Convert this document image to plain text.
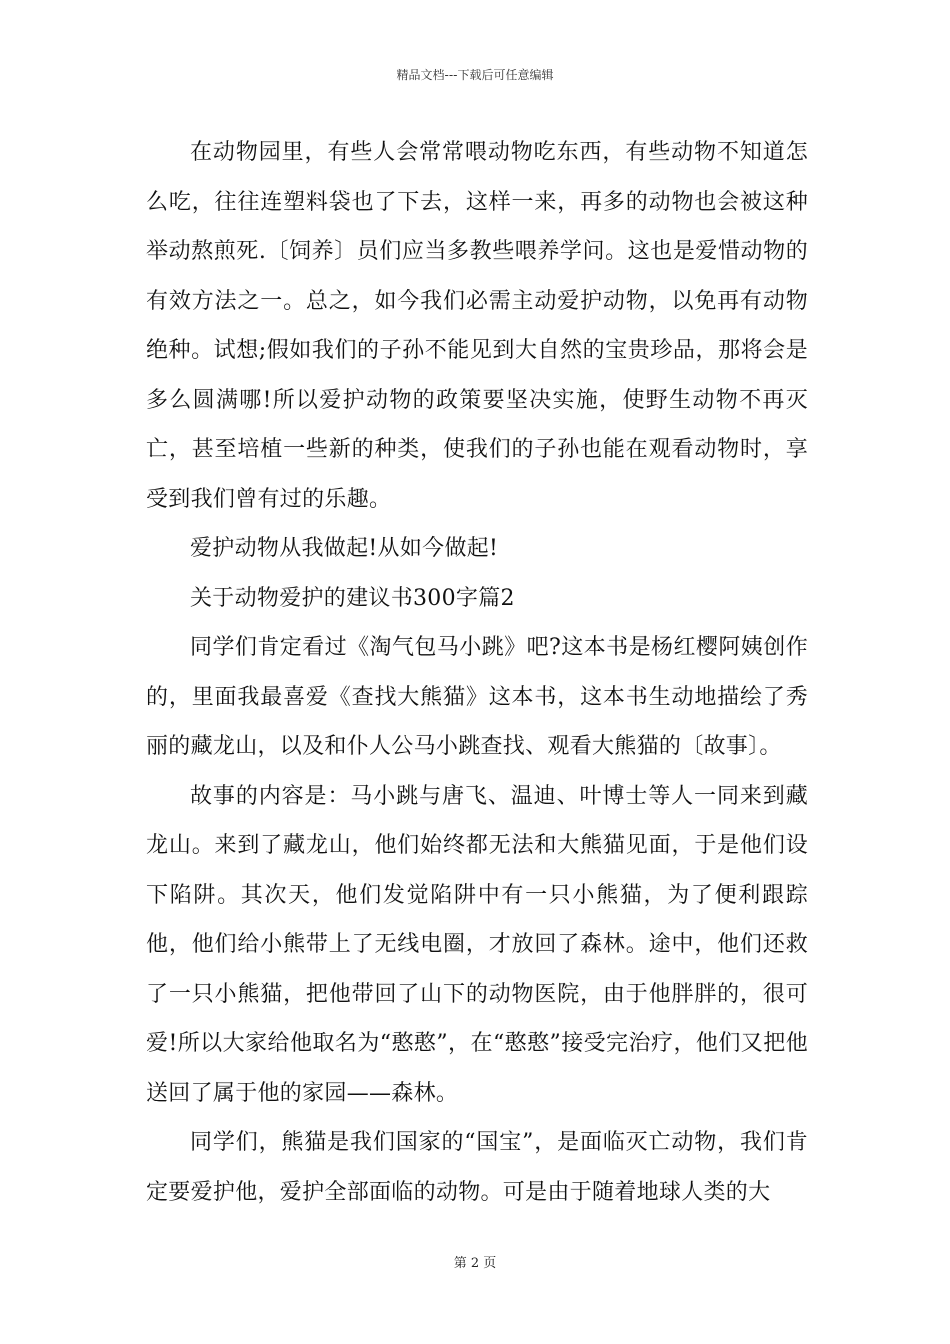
精品文档---下载后可任意编辑

在动物园里，有些人会常常喂动物吃东西，有些动物不知道怎么吃，往往连塑料袋也了下去，这样一来，再多的动物也会被这种举动熬煎死.〔饲养〕员们应当多教些喂养学问。这也是爱惜动物的有效方法之一。总之，如今我们必需主动爱护动物，以免再有动物绝种。试想;假如我们的子孙不能见到大自然的宝贵珍品，那将会是多么圆满哪!所以爱护动物的政策要坚决实施，使野生动物不再灭亡，甚至培植一些新的种类，使我们的子孙也能在观看动物时，享受到我们曾有过的乐趣。

爱护动物从我做起!从如今做起!

关于动物爱护的建议书300字篇2

同学们肯定看过《淘气包马小跳》吧?这本书是杨红樱阿姨创作的，里面我最喜爱《查找大熊猫》这本书，这本书生动地描绘了秀丽的藏龙山，以及和仆人公马小跳查找、观看大熊猫的〔故事〕。

故事的内容是：马小跳与唐飞、温迪、叶博士等人一同来到藏龙山。来到了藏龙山，他们始终都无法和大熊猫见面，于是他们设下陷阱。其次天，他们发觉陷阱中有一只小熊猫，为了便利跟踪他，他们给小熊带上了无线电圈，才放回了森林。途中，他们还救了一只小熊猫，把他带回了山下的动物医院，由于他胖胖的，很可爱!所以大家给他取名为“憨憨”，在“憨憨”接受完治疗，他们又把他送回了属于他的家园——森林。

同学们，熊猫是我们国家的“国宝”，是面临灭亡动物，我们肯定要爱护他，爱护全部面临的动物。可是由于随着地球人类的大

第 2 页
